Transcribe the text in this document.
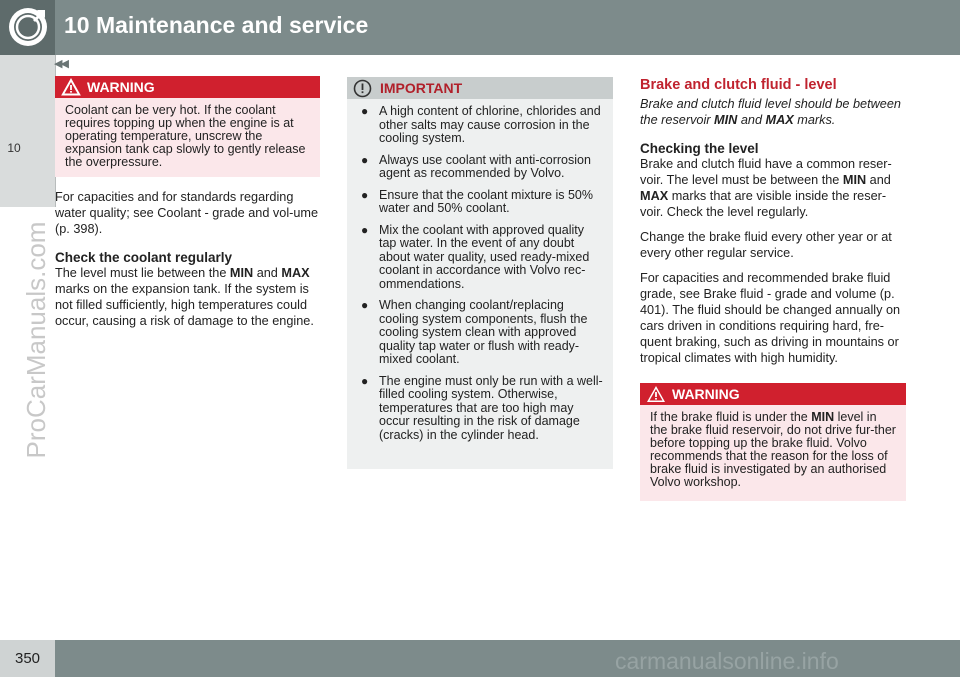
10 Maintenance and service
10
◀◀
ProCarManuals.com
WARNING
Coolant can be very hot. If the coolant requires topping up when the engine is at operating temperature, unscrew the expansion tank cap slowly to gently release the overpressure.

For capacities and for standards regarding water quality; see Coolant - grade and vol-ume (p. 398).

Check the coolant regularly

The level must lie between the MIN and MAX marks on the expansion tank. If the system is not filled sufficiently, high temperatures could occur, causing a risk of damage to the engine.

IMPORTANT
● A high content of chlorine, chlorides and other salts may cause corrosion in the cooling system.
● Always use coolant with anti-corrosion agent as recommended by Volvo.
● Ensure that the coolant mixture is 50% water and 50% coolant.
● Mix the coolant with approved quality tap water. In the event of any doubt about water quality, used ready-mixed coolant in accordance with Volvo rec-ommendations.
● When changing coolant/replacing cooling system components, flush the cooling system clean with approved quality tap water or flush with ready-mixed coolant.
● The engine must only be run with a well-filled cooling system. Otherwise, temperatures that are too high may occur resulting in the risk of damage (cracks) in the cylinder head.
Brake and clutch fluid - level

Brake and clutch fluid level should be between the reservoir MIN and MAX marks.

Checking the level

Brake and clutch fluid have a common reser-voir. The level must be between the MIN and MAX marks that are visible inside the reser-voir. Check the level regularly.

Change the brake fluid every other year or at every other regular service.

For capacities and recommended brake fluid grade, see Brake fluid - grade and volume (p. 401). The fluid should be changed annually on cars driven in conditions requiring hard, fre-quent braking, such as driving in mountains or tropical climates with high humidity.

WARNING
If the brake fluid is under the MIN level in the brake fluid reservoir, do not drive fur-ther before topping up the brake fluid. Volvo recommends that the reason for the loss of brake fluid is investigated by an authorised Volvo workshop.
350	carmanualsonline.info
